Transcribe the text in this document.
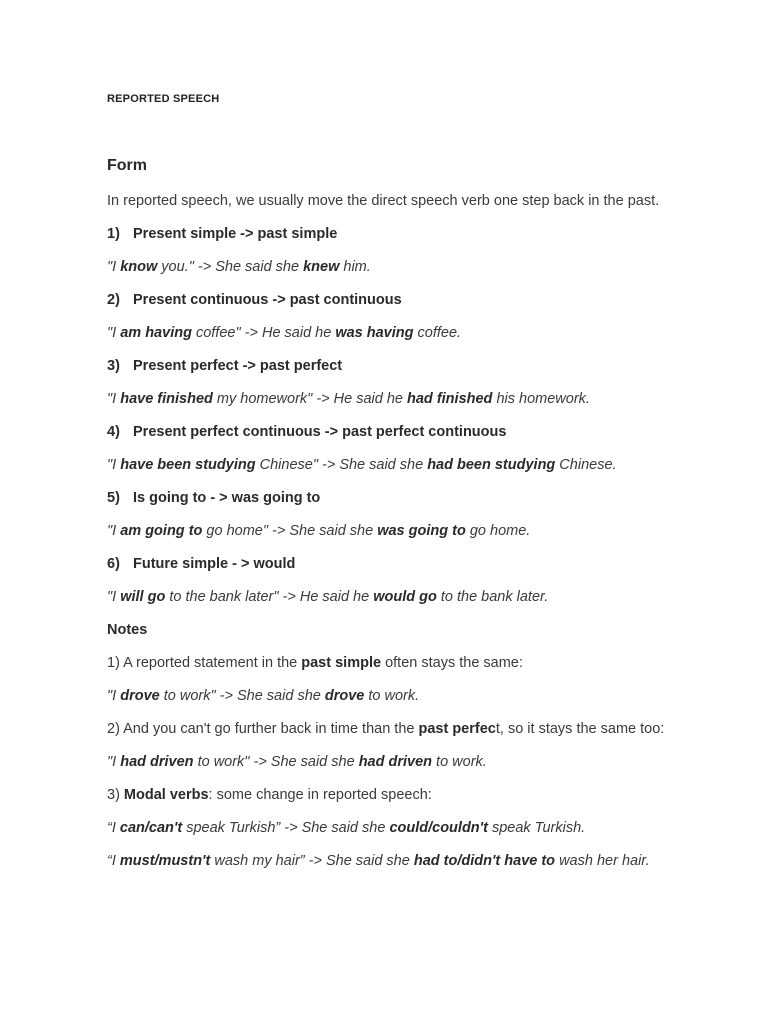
REPORTED SPEECH
Form

In reported speech, we usually move the direct speech verb one step back in the past.

1) Present simple -> past simple

"I know you." -> She said she knew him.

2) Present continuous -> past continuous

"I am having coffee" -> He said he was having coffee.

3) Present perfect -> past perfect

"I have finished my homework" -> He said he had finished his homework.

4) Present perfect continuous -> past perfect continuous

"I have been studying Chinese" -> She said she had been studying Chinese.

5) Is going to - > was going to

"I am going to go home" -> She said she was going to go home.

6) Future simple - > would

"I will go to the bank later" -> He said he would go to the bank later.

Notes

1) A reported statement in the past simple often stays the same:

"I drove to work" -> She said she drove to work.

2) And you can't go further back in time than the past perfect, so it stays the same too:

"I had driven to work" -> She said she had driven to work.

3) Modal verbs: some change in reported speech:

“I can/can't speak Turkish” -> She said she could/couldn't speak Turkish.

“I must/mustn't wash my hair” -> She said she had to/didn't have to wash her hair.
